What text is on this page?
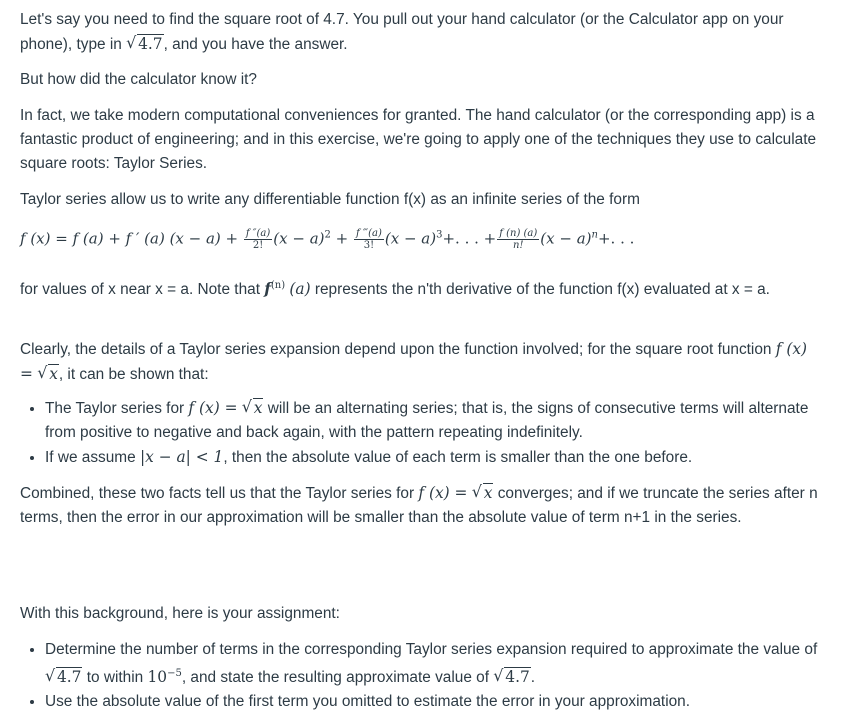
Let's say you need to find the square root of 4.7. You pull out your hand calculator (or the Calculator app on your phone), type in √ 4.7, and you have the answer.

But how did the calculator know it?

In fact, we take modern computational conveniences for granted. The hand calculator (or the corresponding app) is a fantastic product of engineering; and in this exercise, we're going to apply one of the techniques they use to calculate square roots: Taylor Series.

Taylor series allow us to write any differentiable function f(x) as an infinite series of the form

f (x) = f (a) + f ′ (a) $(x - a) + \frac{f ''(a)}{2!} (x - a)^2 + \frac{f ‴(a)}{3!} (x - a)^3+$. . . + $\frac{f (n) (a)}{n!} (x - a)^n+$. . .

for values of x near x = a. Note that $f^{(n)}$ (a) represents the n'th derivative of the function f(x) evaluated at x = a.

Clearly, the details of a Taylor series expansion depend upon the function involved; for the square root function f (x) = √ x, it can be shown that:

• The Taylor series for f (x) = √ x will be an alternating series; that is, the signs of consecutive terms will alternate from positive to negative and back again, with the pattern repeating indefinitely.
• If we assume |x − a| < 1, then the absolute value of each term is smaller than the one before.

Combined, these two facts tell us that the Taylor series for f (x) = √ x converges; and if we truncate the series after n terms, then the error in our approximation will be smaller than the absolute value of term n+1 in the series.

With this background, here is your assignment:

• Determine the number of terms in the corresponding Taylor series expansion required to approximate the value of
√ 4.7 to within $10^{-5}$, and state the resulting approximate value of √ 4.7.
• Use the absolute value of the first term you omitted to estimate the error in your approximation.
